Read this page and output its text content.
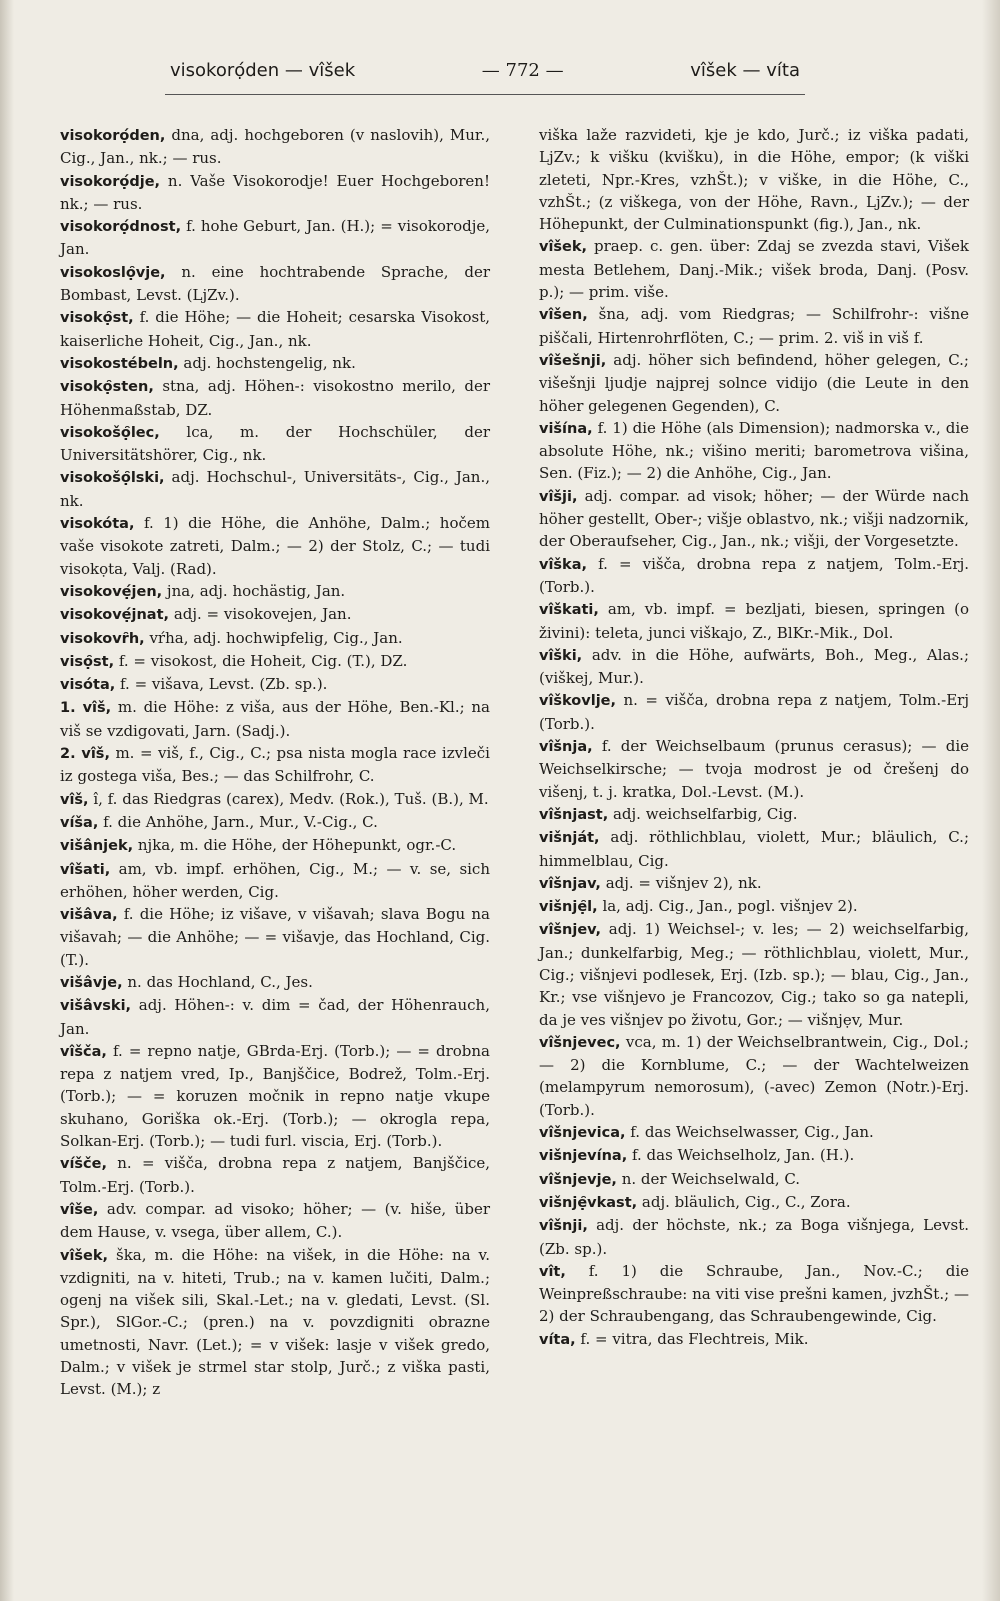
visokorọ́den — vîšek	— 772 —	vîšek — víta

visokorọ́den, dna, adj. hochgeboren (v naslovih), Mur., Cig., Jan., nk.; — rus.

visokorọ́dje, n. Vaše Visokorodje! Euer Hochgeboren! nk.; — rus.

visokorọ́dnost, f. hohe Geburt, Jan. (H.); = visokorodje, Jan.

visokoslọ̑vje, n. eine hochtrabende Sprache, der Bombast, Levst. (LjZv.).

visokọ̑st, f. die Höhe; — die Hoheit; cesarska Visokost, kaiserliche Hoheit, Cig., Jan., nk.

visokostébeln, adj. hochstengelig, nk.

visokọ̑sten, stna, adj. Höhen-: visokostno merilo, der Höhenmaßstab, DZ.

visokošọ̑lec, lca, m. der Hochschüler, der Universitätshörer, Cig., nk.

visokošọ̑lski, adj. Hochschul-, Universitäts-, Cig., Jan., nk.

visokóta, f. 1) die Höhe, die Anhöhe, Dalm.; hočem vaše visokote zatreti, Dalm.; — 2) der Stolz, C.; — tudi visokọta, Valj. (Rad).

visokovẹ́jen, jna, adj. hochästig, Jan.

visokovẹ́jnat, adj. = visokovejen, Jan.

visokovȓh, vŕha, adj. hochwipfelig, Cig., Jan.

visọ̑st, f. = visokost, die Hoheit, Cig. (T.), DZ.

visóta, f. = višava, Levst. (Zb. sp.).

1. vîš, m. die Höhe: z viša, aus der Höhe, Ben.-Kl.; na viš se vzdigovati, Jarn. (Sadj.).

2. vîš, m. = viš, f., Cig., C.; psa nista mogla race izvleči iz gostega viša, Bes.; — das Schilfrohr, C.

vîš, î, f. das Riedgras (carex), Medv. (Rok.), Tuš. (B.), M.

víša, f. die Anhöhe, Jarn., Mur., V.-Cig., C.

višânjek, njka, m. die Höhe, der Höhepunkt, ogr.-C.

vîšati, am, vb. impf. erhöhen, Cig., M.; — v. se, sich erhöhen, höher werden, Cig.

višâva, f. die Höhe; iz višave, v višavah; slava Bogu na višavah; — die Anhöhe; — = višavje, das Hochland, Cig. (T.).

višâvje, n. das Hochland, C., Jes.

višâvski, adj. Höhen-: v. dim = čad, der Höhenrauch, Jan.

vîšča, f. = repno natje, GBrda-Erj. (Torb.); — = drobna repa z natjem vred, Ip., Banjščice, Bodrež, Tolm.-Erj. (Torb.); — = koruzen močnik in repno natje vkupe skuhano, Goriška ok.-Erj. (Torb.); — okrogla repa, Solkan-Erj. (Torb.); — tudi furl. viscia, Erj. (Torb.).

víšče, n. = višča, drobna repa z natjem, Banjščice, Tolm.-Erj. (Torb.).

vîše, adv. compar. ad visoko; höher; — (v. hiše, über dem Hause, v. vsega, über allem, C.).

vîšek, ška, m. die Höhe: na višek, in die Höhe: na v. vzdigniti, na v. hiteti, Trub.; na v. kamen lučiti, Dalm.; ogenj na višek sili, Skal.-Let.; na v. gledati, Levst. (Sl. Spr.), SlGor.-C.; (pren.) na v. povzdigniti obrazne umetnosti, Navr. (Let.); = v višek: lasje v višek gredo, Dalm.; v višek je strmel star stolp, Jurč.; z viška pasti, Levst. (M.); z

viška laže razvideti, kje je kdo, Jurč.; iz viška padati, LjZv.; k višku (kvišku), in die Höhe, empor; (k viški zleteti, Npr.-Kres, vzhŠt.); v viške, in die Höhe, C., vzhŠt.; (z viškega, von der Höhe, Ravn., LjZv.); — der Höhepunkt, der Culminationspunkt (fig.), Jan., nk.

vîšek, praep. c. gen. über: Zdaj se zvezda stavi, Višek mesta Betlehem, Danj.-Mik.; višek broda, Danj. (Posv. p.); — prim. više.

vîšen, šna, adj. vom Riedgras; — Schilfrohr-: višne piščali, Hirtenrohrflöten, C.; — prim. 2. viš in viš f.

vîšešnji, adj. höher sich befindend, höher gelegen, C.; višešnji ljudje najprej solnce vidijo (die Leute in den höher gelegenen Gegenden), C.

višína, f. 1) die Höhe (als Dimension); nadmorska v., die absolute Höhe, nk.; višino meriti; barometrova višina, Sen. (Fiz.); — 2) die Anhöhe, Cig., Jan.

vîšji, adj. compar. ad visok; höher; — der Würde nach höher gestellt, Ober-; višje oblastvo, nk.; višji nadzornik, der Oberaufseher, Cig., Jan., nk.; višji, der Vorgesetzte.

vîška, f. = višča, drobna repa z natjem, Tolm.-Erj. (Torb.).

vîškati, am, vb. impf. = bezljati, biesen, springen (o živini): teleta, junci viškajo, Z., BlKr.-Mik., Dol.

vîški, adv. in die Höhe, aufwärts, Boh., Meg., Alas.; (viškej, Mur.).

vîškovlje, n. = višča, drobna repa z natjem, Tolm.-Erj (Torb.).

vîšnja, f. der Weichselbaum (prunus cerasus); — die Weichselkirsche; — tvoja modrost je od črešenj do višenj, t. j. kratka, Dol.-Levst. (M.).

vîšnjast, adj. weichselfarbig, Cig.

višnját, adj. röthlichblau, violett, Mur.; bläulich, C.; himmelblau, Cig.

vîšnjav, adj. = višnjev 2), nk.

višnjẹ̑l, la, adj. Cig., Jan., pogl. višnjev 2).

vîšnjev, adj. 1) Weichsel-; v. les; — 2) weichselfarbig, Jan.; dunkelfarbig, Meg.; — röthlichblau, violett, Mur., Cig.; višnjevi podlesek, Erj. (Izb. sp.); — blau, Cig., Jan., Kr.; vse višnjevo je Francozov, Cig.; tako so ga natepli, da je ves višnjev po životu, Gor.; — višnjẹv, Mur.

vîšnjevec, vca, m. 1) der Weichselbrantwein, Cig., Dol.; — 2) die Kornblume, C.; — der Wachtelweizen (melampyrum nemorosum), (-avec) Zemon (Notr.)-Erj. (Torb.).

vîšnjevica, f. das Weichselwasser, Cig., Jan.

višnjevína, f. das Weichselholz, Jan. (H.).

vîšnjevje, n. der Weichselwald, C.

višnjẹ̑vkast, adj. bläulich, Cig., C., Zora.

vîšnji, adj. der höchste, nk.; za Boga višnjega, Levst. (Zb. sp.).

vît, f. 1) die Schraube, Jan., Nov.-C.; die Weinpreßschraube: na viti vise prešni kamen, jvzhŠt.; — 2) der Schraubengang, das Schraubengewinde, Cig.

víta, f. = vitra, das Flechtreis, Mik.
